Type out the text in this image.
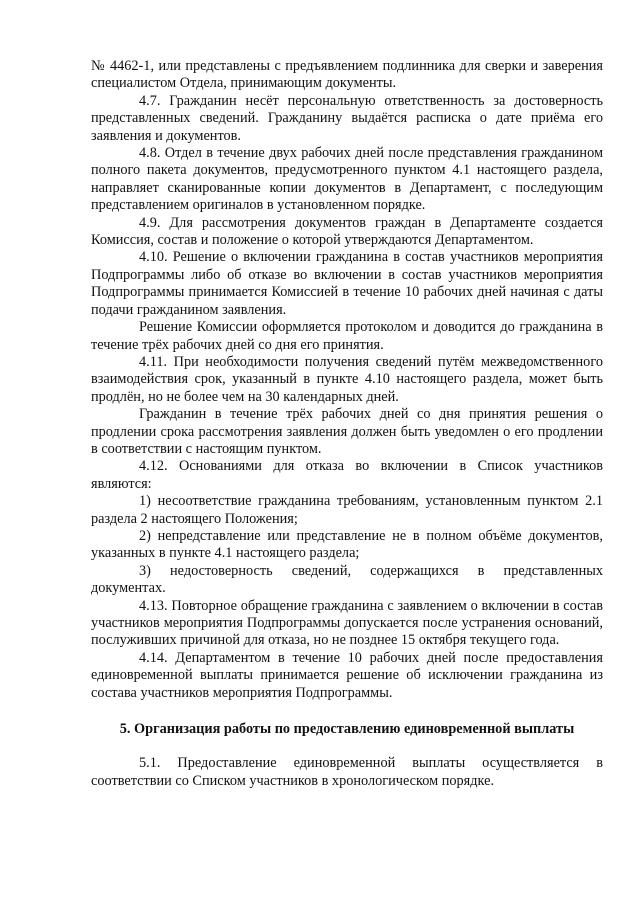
№ 4462-1, или представлены с предъявлением подлинника для сверки и заверения специалистом Отдела, принимающим документы.

4.7. Гражданин несёт персональную ответственность за достоверность представленных сведений. Гражданину выдаётся расписка о дате приёма его заявления и документов.

4.8. Отдел в течение двух рабочих дней после представления гражданином полного пакета документов, предусмотренного пунктом 4.1 настоящего раздела, направляет сканированные копии документов в Департамент, с последующим представлением оригиналов в установленном порядке.

4.9. Для рассмотрения документов граждан в Департаменте создается Комиссия, состав и положение о которой утверждаются Департаментом.

4.10. Решение о включении гражданина в состав участников мероприятия Подпрограммы либо об отказе во включении в состав участников мероприятия Подпрограммы принимается Комиссией в течение 10 рабочих дней начиная с даты подачи гражданином заявления.

Решение Комиссии оформляется протоколом и доводится до гражданина в течение трёх рабочих дней со дня его принятия.

4.11. При необходимости получения сведений путём межведомственного взаимодействия срок, указанный в пункте 4.10 настоящего раздела, может быть продлён, но не более чем на 30 календарных дней.

Гражданин в течение трёх рабочих дней со дня принятия решения о продлении срока рассмотрения заявления должен быть уведомлен о его продлении в соответствии с настоящим пунктом.

4.12. Основаниями для отказа во включении в Список участников являются:

1) несоответствие гражданина требованиям, установленным пунктом 2.1 раздела 2 настоящего Положения;

2) непредставление или представление не в полном объёме документов, указанных в пункте 4.1 настоящего раздела;

3) недостоверность сведений, содержащихся в представленных документах.

4.13. Повторное обращение гражданина с заявлением о включении в состав участников мероприятия Подпрограммы допускается после устранения оснований, послуживших причиной для отказа, но не позднее 15 октября текущего года.

4.14. Департаментом в течение 10 рабочих дней после предоставления единовременной выплаты принимается решение об исключении гражданина из состава участников мероприятия Подпрограммы.

5. Организация работы по предоставлению единовременной выплаты

5.1. Предоставление единовременной выплаты осуществляется в соответствии со Списком участников в хронологическом порядке.
